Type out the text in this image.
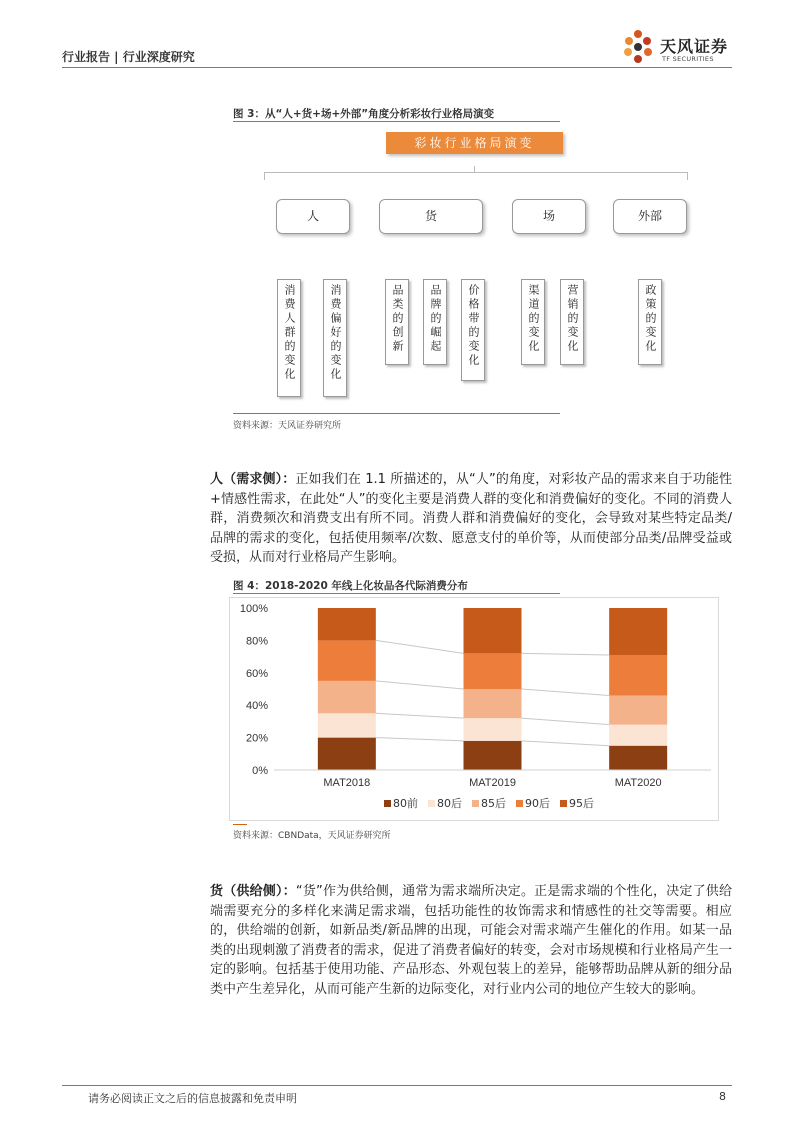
行业报告 | 行业深度研究
天风证券
TF SECURITIES
图 3：从“人+货+场+外部”角度分析彩妆行业格局演变
彩妆行业格局演变
人	货	场	外部
消费人群的变化	消费偏好的变化	品类的创新	品牌的崛起	价格带的变化	渠道的变化	营销的变化	政策的变化
资料来源：天风证券研究所
人（需求侧）：正如我们在 1.1 所描述的，从“人”的角度，对彩妆产品的需求来自于功能性+情感性需求，在此处“人”的变化主要是消费人群的变化和消费偏好的变化。不同的消费人群，消费频次和消费支出有所不同。消费人群和消费偏好的变化，会导致对某些特定品类/品牌的需求的变化，包括使用频率/次数、愿意支付的单价等，从而使部分品类/品牌受益或受损，从而对行业格局产生影响。
图 4：2018-2020 年线上化妆品各代际消费分布
0%
20%
40%
60%
80%
100%
MAT2018	MAT2019	MAT2020
80前 80后 85后 90后 95后
资料来源：CBNData，天风证券研究所
货（供给侧）：“货”作为供给侧，通常为需求端所决定。正是需求端的个性化，决定了供给端需要充分的多样化来满足需求端，包括功能性的妆饰需求和情感性的社交等需要。相应的，供给端的创新，如新品类/新品牌的出现，可能会对需求端产生催化的作用。如某一品类的出现刺激了消费者的需求，促进了消费者偏好的转变，会对市场规模和行业格局产生一定的影响。包括基于使用功能、产品形态、外观包装上的差异，能够帮助品牌从新的细分品类中产生差异化，从而可能产生新的边际变化，对行业内公司的地位产生较大的影响。
请务必阅读正文之后的信息披露和免责申明	8
